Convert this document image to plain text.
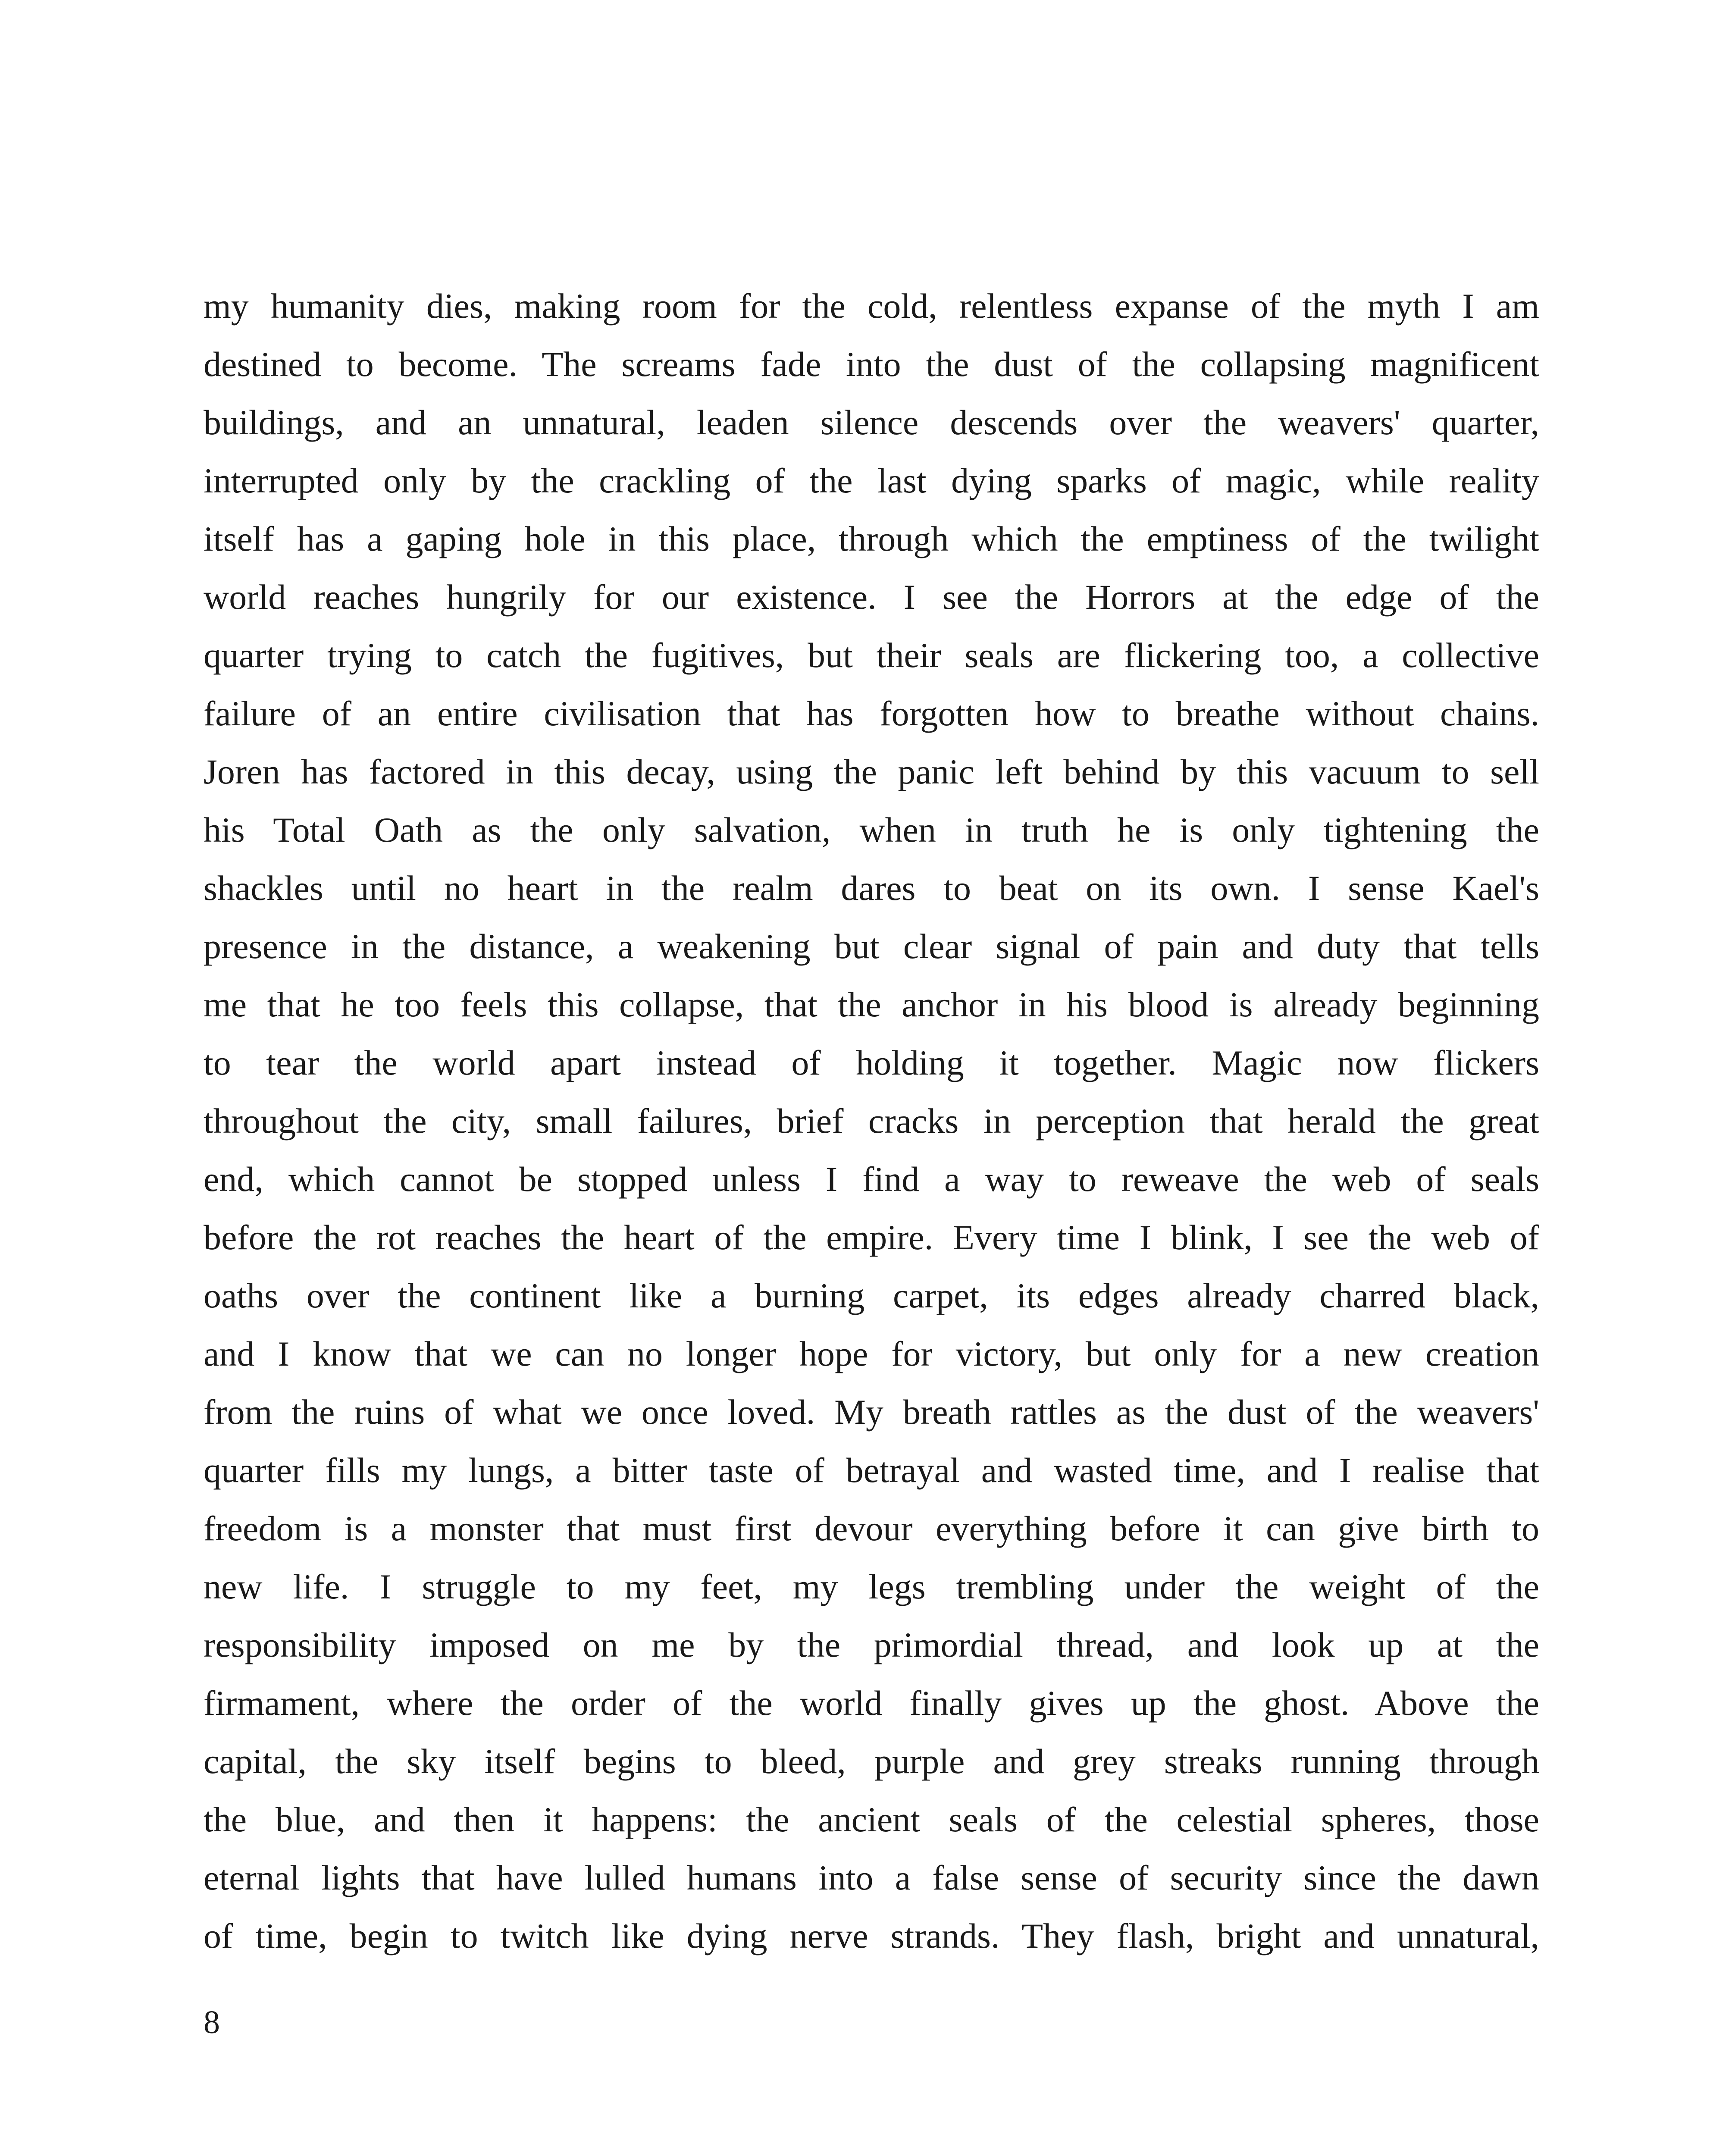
my humanity dies, making room for the cold, relentless expanse of the myth I am
destined to become. The screams fade into the dust of the collapsing magnificent
buildings, and an unnatural, leaden silence descends over the weavers' quarter,
interrupted only by the crackling of the last dying sparks of magic, while reality
itself has a gaping hole in this place, through which the emptiness of the twilight
world reaches hungrily for our existence. I see the Horrors at the edge of the
quarter trying to catch the fugitives, but their seals are flickering too, a collective
failure of an entire civilisation that has forgotten how to breathe without chains.
Joren has factored in this decay, using the panic left behind by this vacuum to sell
his Total Oath as the only salvation, when in truth he is only tightening the
shackles until no heart in the realm dares to beat on its own. I sense Kael's
presence in the distance, a weakening but clear signal of pain and duty that tells
me that he too feels this collapse, that the anchor in his blood is already beginning
to tear the world apart instead of holding it together. Magic now flickers
throughout the city, small failures, brief cracks in perception that herald the great
end, which cannot be stopped unless I find a way to reweave the web of seals
before the rot reaches the heart of the empire. Every time I blink, I see the web of
oaths over the continent like a burning carpet, its edges already charred black,
and I know that we can no longer hope for victory, but only for a new creation
from the ruins of what we once loved. My breath rattles as the dust of the weavers'
quarter fills my lungs, a bitter taste of betrayal and wasted time, and I realise that
freedom is a monster that must first devour everything before it can give birth to
new life. I struggle to my feet, my legs trembling under the weight of the
responsibility imposed on me by the primordial thread, and look up at the
firmament, where the order of the world finally gives up the ghost. Above the
capital, the sky itself begins to bleed, purple and grey streaks running through
the blue, and then it happens: the ancient seals of the celestial spheres, those
eternal lights that have lulled humans into a false sense of security since the dawn
of time, begin to twitch like dying nerve strands. They flash, bright and unnatural,
8
